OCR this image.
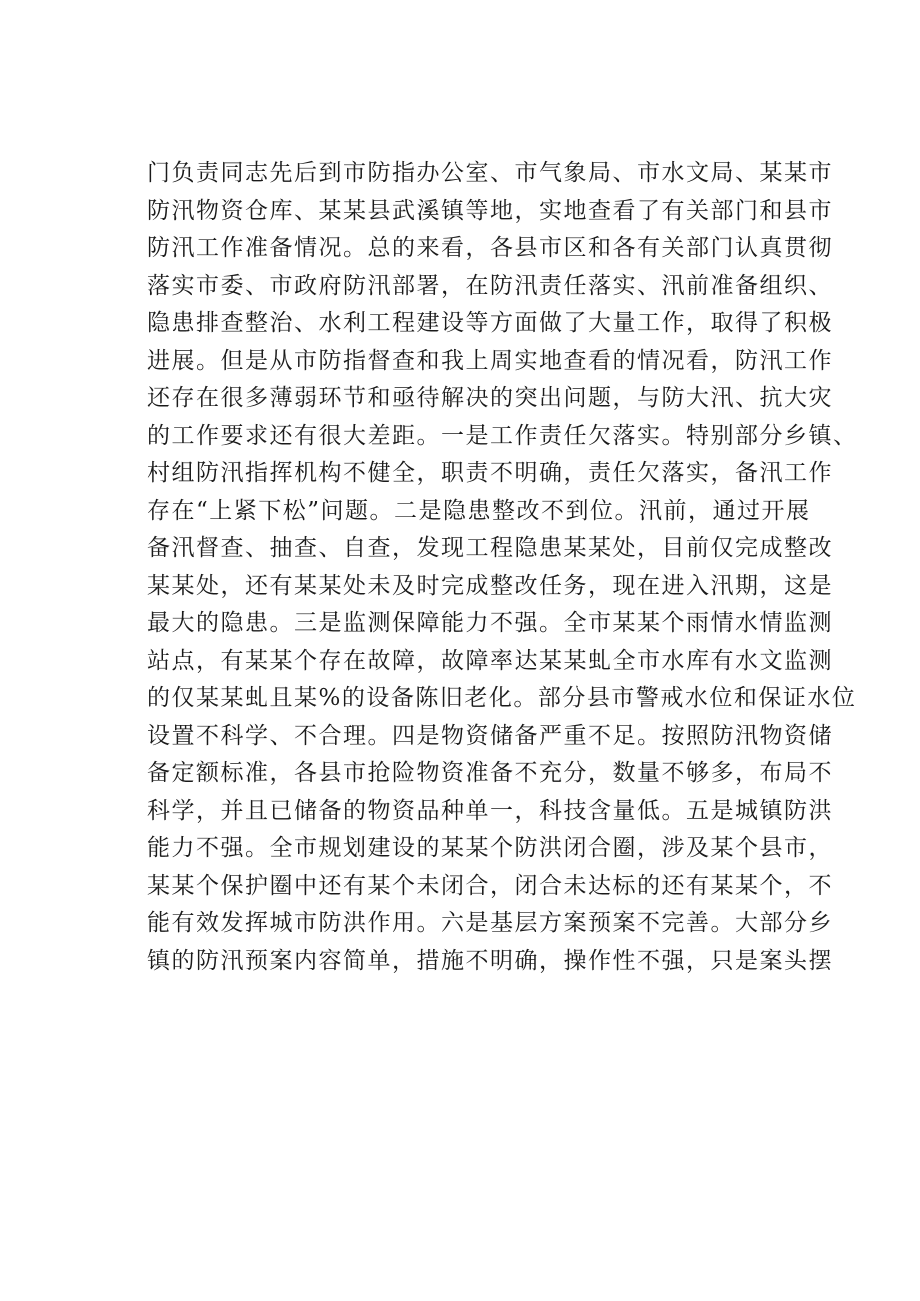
门负责同志先后到市防指办公室、市气象局、市水文局、某某市
防汛物资仓库、某某县武溪镇等地，实地查看了有关部门和县市
防汛工作准备情况。总的来看，各县市区和各有关部门认真贯彻
落实市委、市政府防汛部署，在防汛责任落实、汛前准备组织、
隐患排查整治、水利工程建设等方面做了大量工作，取得了积极
进展。但是从市防指督查和我上周实地查看的情况看，防汛工作
还存在很多薄弱环节和亟待解决的突出问题，与防大汛、抗大灾
的工作要求还有很大差距。一是工作责任欠落实。特别部分乡镇、
村组防汛指挥机构不健全，职责不明确，责任欠落实，备汛工作
存在“上紧下松”问题。二是隐患整改不到位。汛前，通过开展
备汛督查、抽查、自查，发现工程隐患某某处，目前仅完成整改
某某处，还有某某处未及时完成整改任务，现在进入汛期，这是
最大的隐患。三是监测保障能力不强。全市某某个雨情水情监测
站点，有某某个存在故障，故障率达某某虬全市水库有水文监测
的仅某某虬且某%的设备陈旧老化。部分县市警戒水位和保证水位
设置不科学、不合理。四是物资储备严重不足。按照防汛物资储
备定额标准，各县市抢险物资准备不充分，数量不够多，布局不
科学，并且已储备的物资品种单一，科技含量低。五是城镇防洪
能力不强。全市规划建设的某某个防洪闭合圈，涉及某个县市，
某某个保护圈中还有某个未闭合，闭合未达标的还有某某个，不
能有效发挥城市防洪作用。六是基层方案预案不完善。大部分乡
镇的防汛预案内容简单，措施不明确，操作性不强，只是案头摆
